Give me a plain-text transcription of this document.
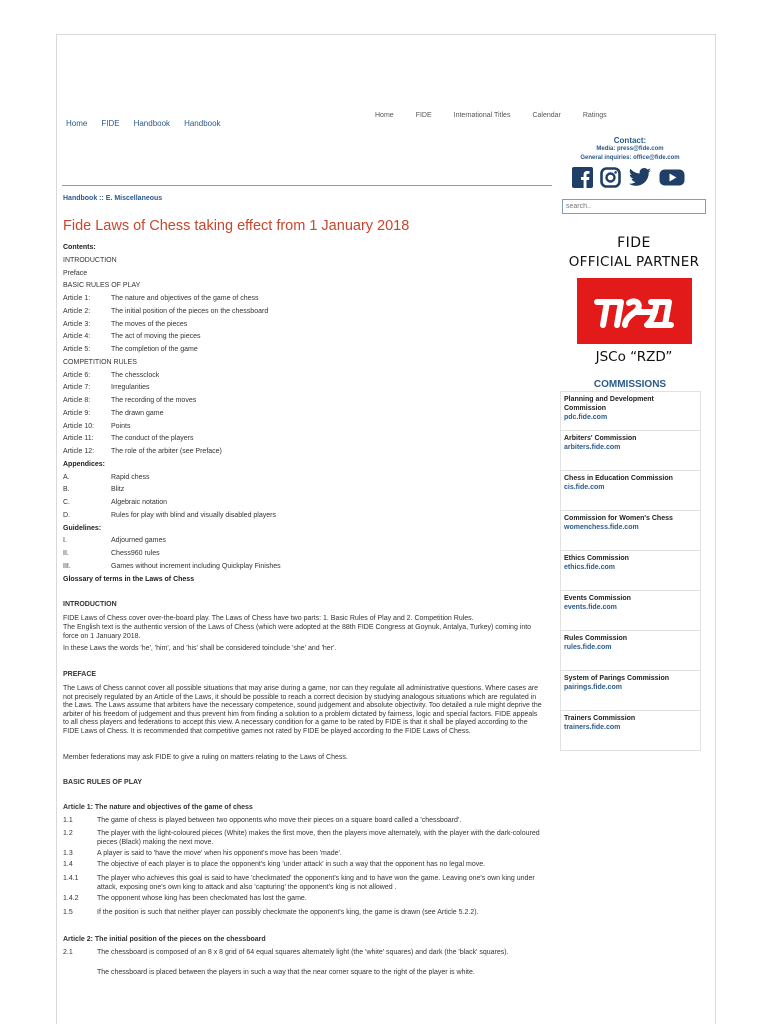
Home FIDE Handbook Handbook
Home	FIDE	International Titles	Calendar	Ratings
Contact:
Media: press@fide.com
General inquiries: office@fide.com
search..
Handbook :: E. Miscellaneous
Fide Laws of Chess taking effect from 1 January 2018
FIDE
OFFICIAL PARTNER
JSCo “RZD”
COMMISSIONS
Planning and Development Commission
pdc.fide.com
Arbiters' Commission
arbiters.fide.com
Chess in Education Commission
cis.fide.com
Commission for Women's Chess
womenchess.fide.com
Ethics Commission
ethics.fide.com
Events Commission
events.fide.com
Rules Commission
rules.fide.com
System of Parings Commission
pairings.fide.com
Trainers Commission
trainers.fide.com
Contents:
INTRODUCTION
Preface
BASIC RULES OF PLAY
Article 1:	The nature and objectives of the game of chess
Article 2:	The initial position of the pieces on the chessboard
Article 3:	The moves of the pieces
Article 4:	The act of moving the pieces
Article 5:	The completion of the game
COMPETITION RULES
Article 6:	The chessclock
Article 7:	Irregularities
Article 8:	The recording of the moves
Article 9:	The drawn game
Article 10: Points
Article 11: The conduct of the players
Article 12: The role of the arbiter (see Preface)
Appendices:
A.	Rapid chess
B.	Blitz
C.	Algebraic notation
D.	Rules for play with blind and visually disabled players
Guidelines:
I.	Adjourned games
II.	Chess960 rules
III.	Games without increment including Quickplay Finishes
Glossary of terms in the Laws of Chess
INTRODUCTION
FIDE Laws of Chess cover over-the-board play. The Laws of Chess have two parts: 1. Basic Rules of Play and 2. Competition Rules.
The English text is the authentic version of the Laws of Chess (which were adopted at the 88th FIDE Congress at Goynuk, Antalya, Turkey) coming into force on 1 January 2018.
In these Laws the words 'he', 'him', and 'his' shall be considered toinclude 'she' and 'her'.
PREFACE
The Laws of Chess cannot cover all possible situations that may arise during a game, nor can they regulate all administrative questions. Where cases are not precisely regulated by an Article of the Laws, it should be possible to reach a correct decision by studying analogous situations which are regulated in the Laws. The Laws assume that arbiters have the necessary competence, sound judgement and absolute objectivity. Too detailed a rule might deprive the arbiter of his freedom of judgement and thus prevent him from finding a solution to a problem dictated by fairness, logic and special factors. FIDE appeals to all chess players and federations to accept this view. A necessary condition for a game to be rated by FIDE is that it shall be played according to the FIDE Laws of Chess. It is recommended that competitive games not rated by FIDE be played according to the FIDE Laws of Chess.
Member federations may ask FIDE to give a ruling on matters relating to the Laws of Chess.
BASIC RULES OF PLAY
Article 1: The nature and objectives of the game of chess
1.1	The game of chess is played between two opponents who move their pieces on a square board called a 'chessboard'.
1.2	The player with the light-coloured pieces (White) makes the first move, then the players move alternately, with the player with the dark-coloured pieces (Black) making the next move.
1.3	A player is said to 'have the move' when his opponent's move has been 'made'.
1.4	The objective of each player is to place the opponent's king 'under attack' in such a way that the opponent has no legal move.
1.4.1	The player who achieves this goal is said to have 'checkmated' the opponent's king and to have won the game. Leaving one's own king under attack, exposing one's own king to attack and also 'capturing' the opponent's king is not allowed .
1.4.2	The opponent whose king has been checkmated has lost the game.
1.5	If the position is such that neither player can possibly checkmate the opponent's king, the game is drawn (see Article 5.2.2).
Article 2: The initial position of the pieces on the chessboard
2.1	The chessboard is composed of an 8 x 8 grid of 64 equal squares alternately light (the 'white' squares) and dark (the 'black' squares).
The chessboard is placed between the players in such a way that the near corner square to the right of the player is white.
